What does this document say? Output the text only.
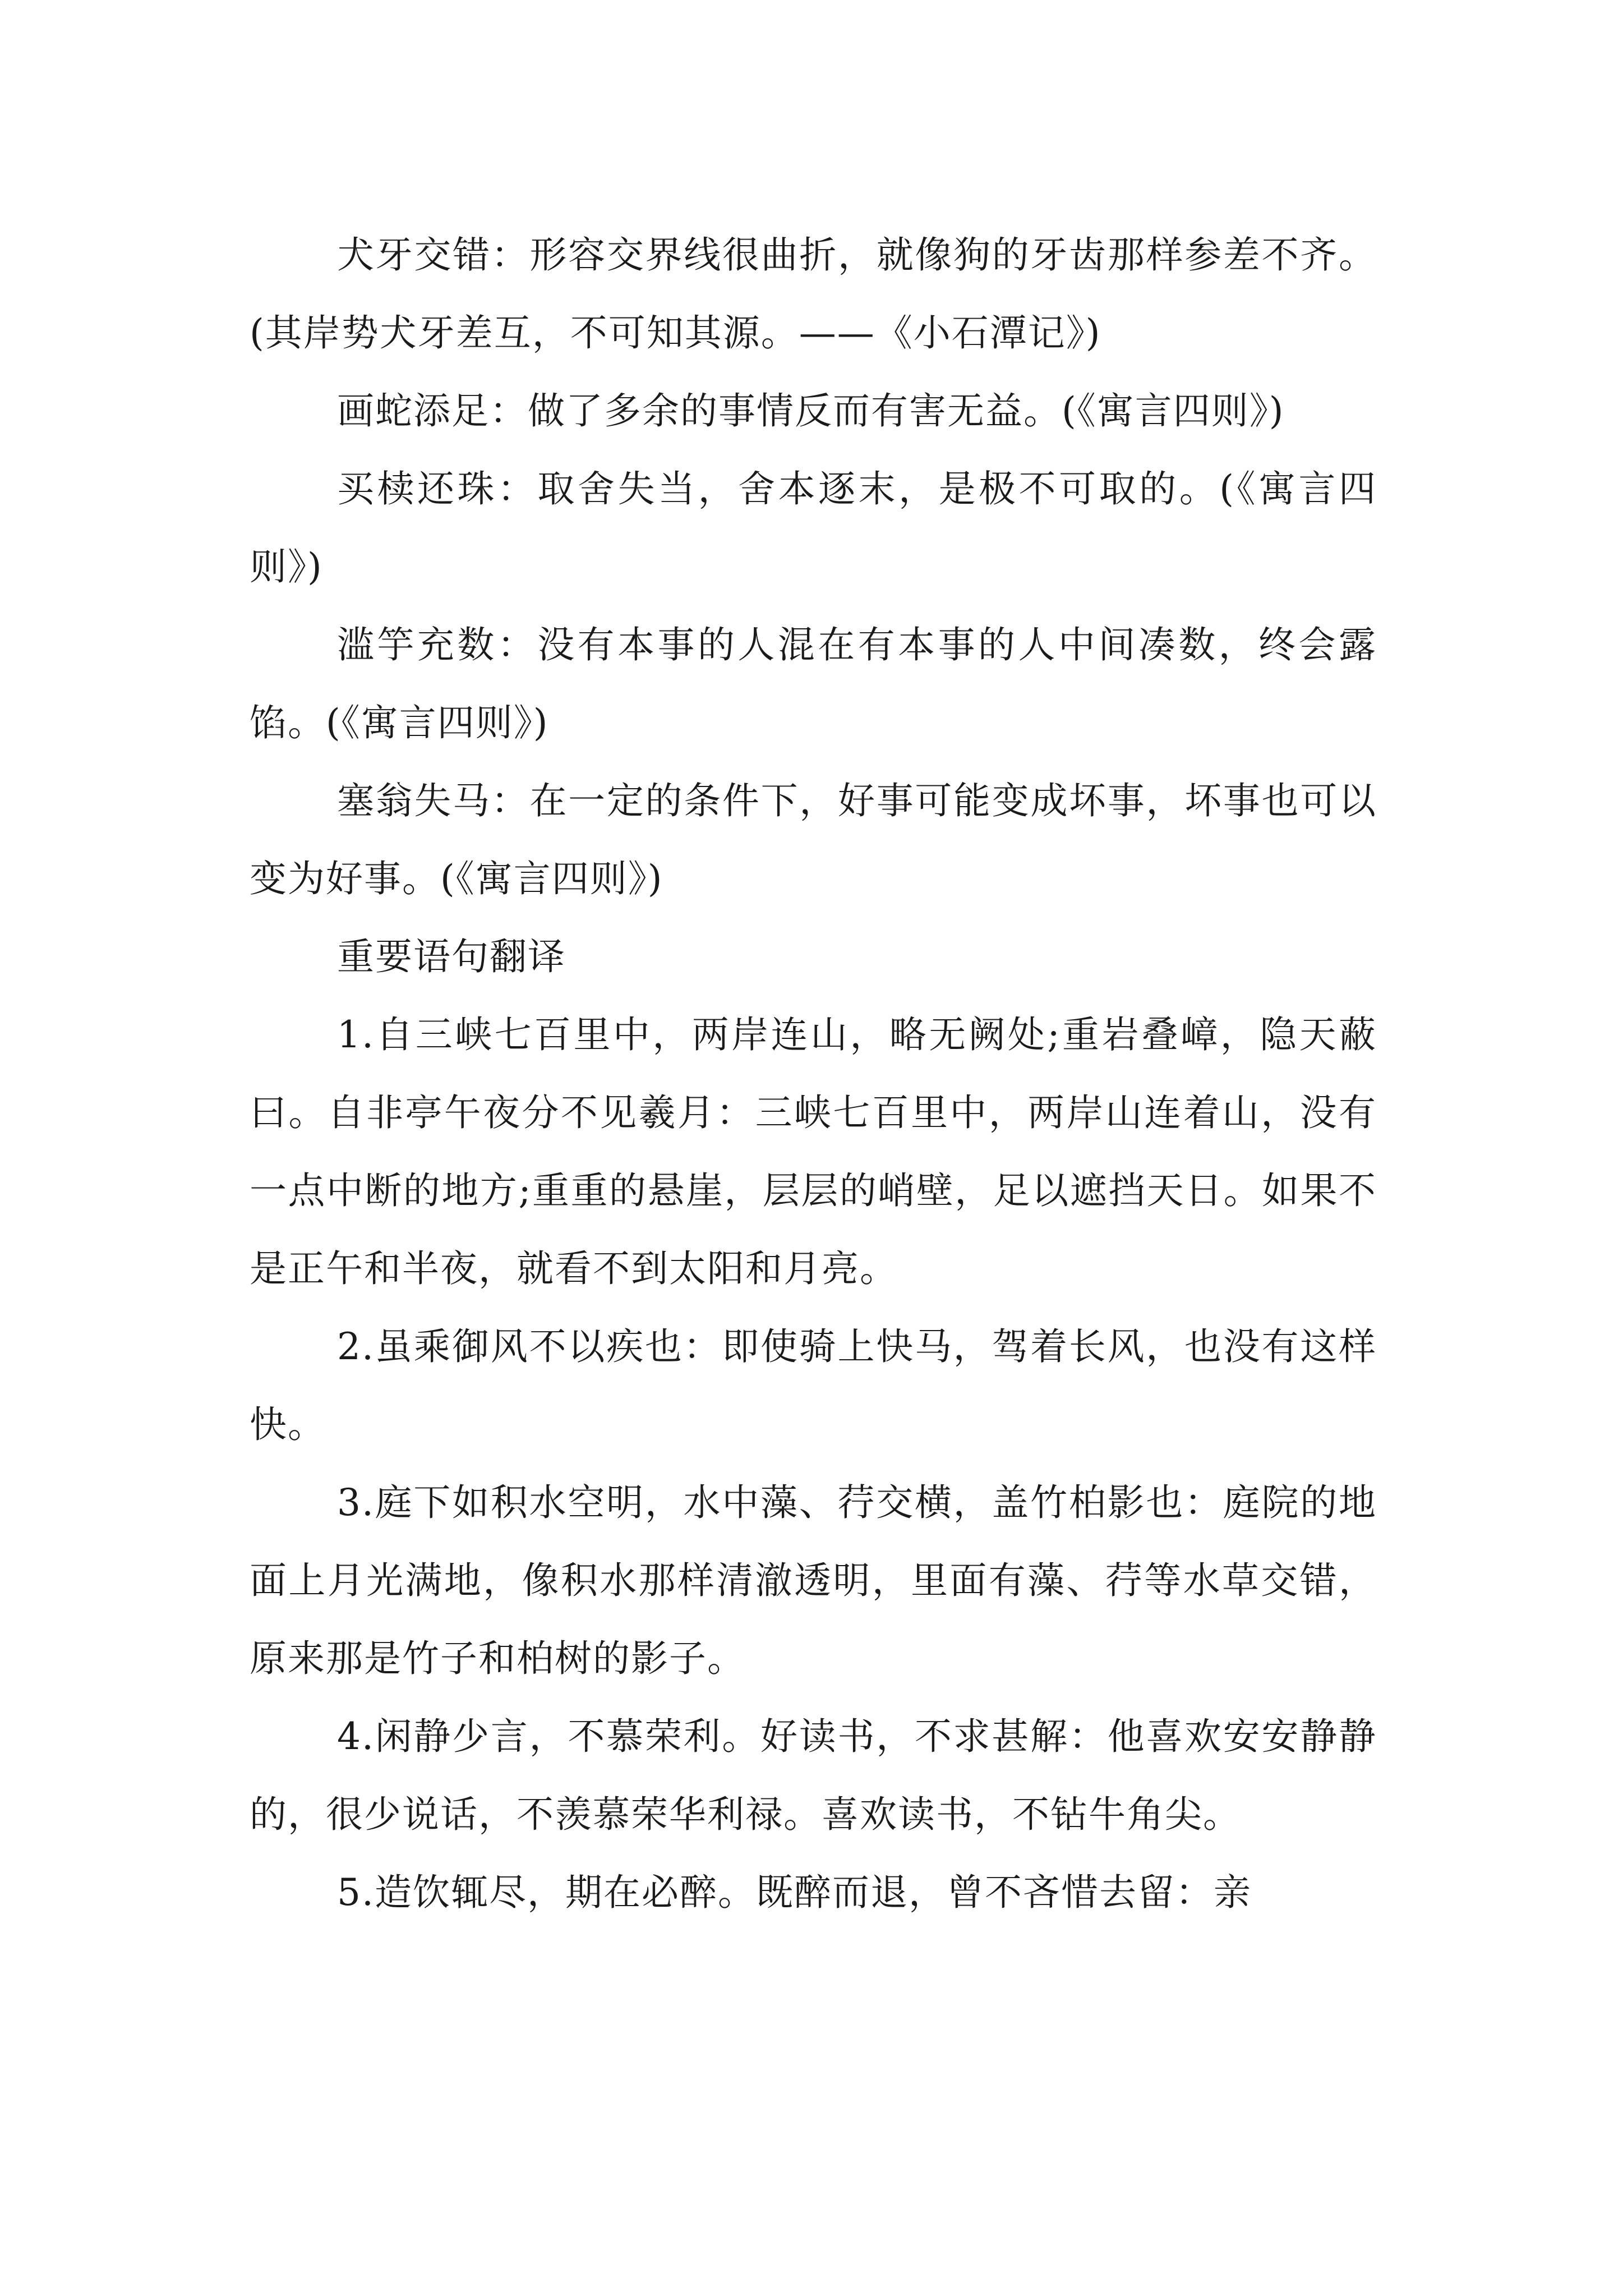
犬牙交错：形容交界线很曲折，就像狗的牙齿那样参差不齐。(其岸势犬牙差互，不可知其源。——《小石潭记》)

画蛇添足：做了多余的事情反而有害无益。(《寓言四则》)

买椟还珠：取舍失当，舍本逐末，是极不可取的。(《寓言四则》)

滥竽充数：没有本事的人混在有本事的人中间凑数，终会露馅。(《寓言四则》)

塞翁失马：在一定的条件下，好事可能变成坏事，坏事也可以变为好事。(《寓言四则》)

重要语句翻译

1.自三峡七百里中，两岸连山，略无阙处;重岩叠嶂，隐天蔽曰。自非亭午夜分不见羲月：三峡七百里中，两岸山连着山，没有一点中断的地方;重重的悬崖，层层的峭壁，足以遮挡天日。如果不是正午和半夜，就看不到太阳和月亮。

2.虽乘御风不以疾也：即使骑上快马，驾着长风，也没有这样快。

3.庭下如积水空明，水中藻、荇交横，盖竹柏影也：庭院的地面上月光满地，像积水那样清澈透明，里面有藻、荇等水草交错，原来那是竹子和柏树的影子。

4.闲静少言，不慕荣利。好读书，不求甚解：他喜欢安安静静的，很少说话，不羡慕荣华利禄。喜欢读书，不钻牛角尖。

5.造饮辄尽，期在必醉。既醉而退，曾不吝惜去留：亲
